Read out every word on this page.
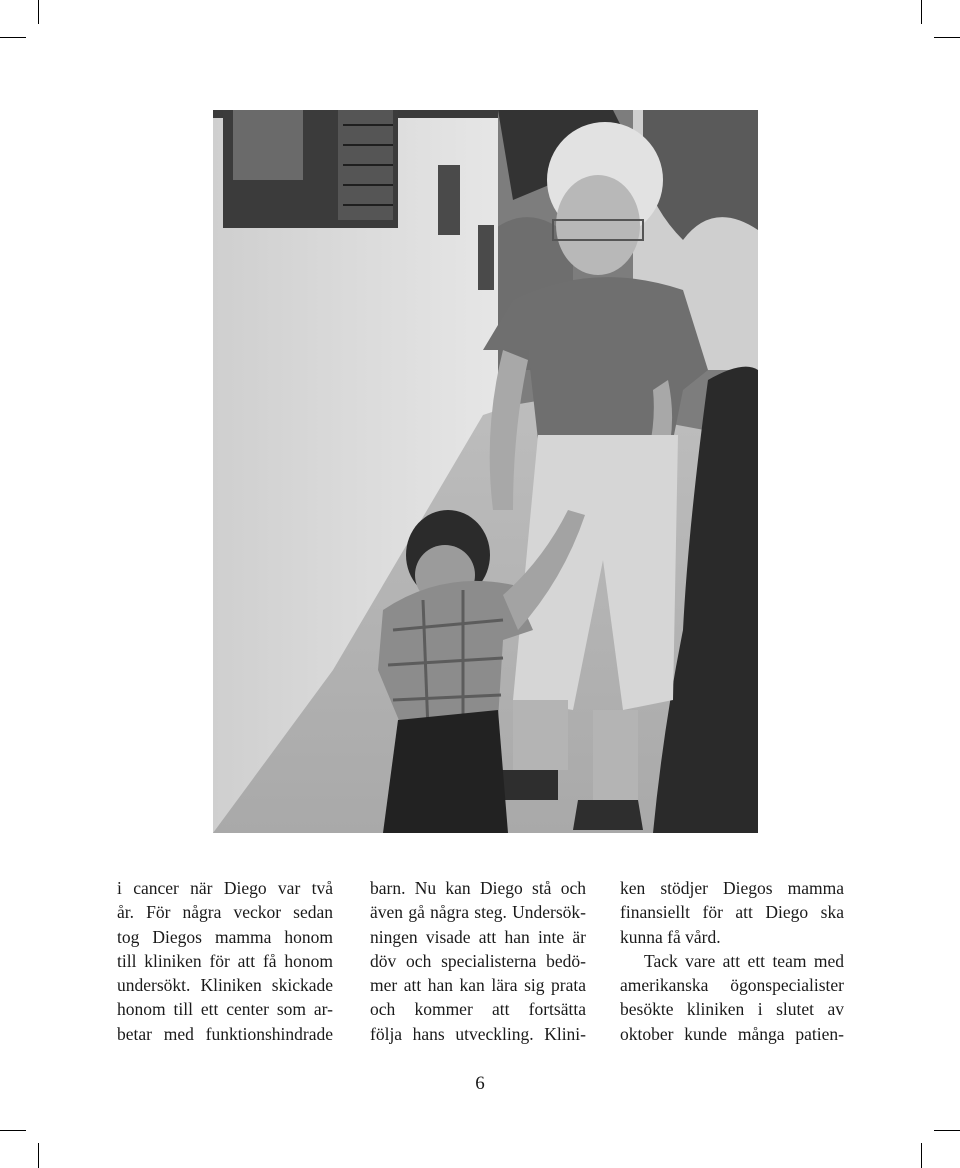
i cancer när Diego var två

år. För några veckor sedan

tog Diegos mamma honom

till kliniken för att få honom

undersökt. Kliniken skickade

honom till ett center som ar-

betar med funktionshindrade

barn. Nu kan Diego stå och

även gå några steg. Undersök-

ningen visade att han inte är

döv och specialisterna bedö-

mer att han kan lära sig prata

och kommer att fortsätta

följa hans utveckling. Klini-

ken stödjer Diegos mamma
finansiellt för att Diego ska
kunna få vård.
Tack vare att ett team med
amerikanska ögonspecialister
besökte kliniken i slutet av
oktober kunde många patien-
6
